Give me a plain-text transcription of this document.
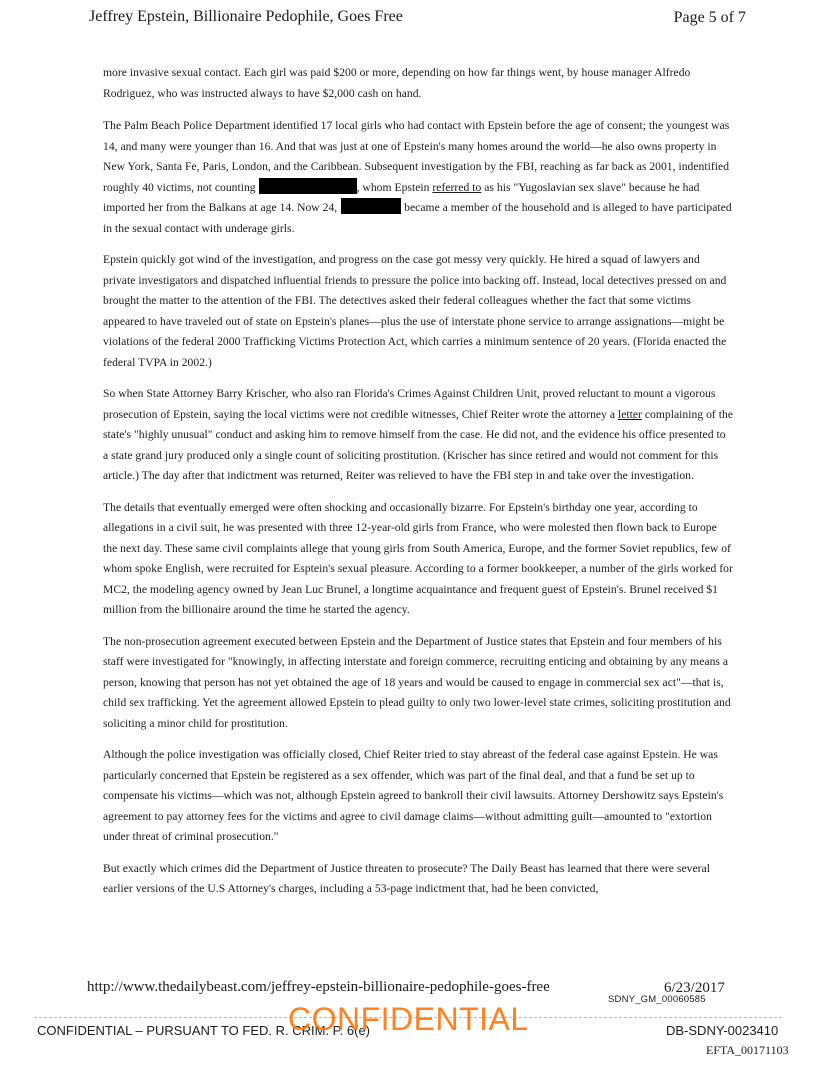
Jeffrey Epstein, Billionaire Pedophile, Goes Free	Page 5 of 7

more invasive sexual contact. Each girl was paid $200 or more, depending on how far things went, by house manager Alfredo Rodriguez, who was instructed always to have $2,000 cash on hand.

The Palm Beach Police Department identified 17 local girls who had contact with Epstein before the age of consent; the youngest was 14, and many were younger than 16. And that was just at one of Epstein's many homes around the world—he also owns property in New York, Santa Fe, Paris, London, and the Caribbean. Subsequent investigation by the FBI, reaching as far back as 2001, indentified roughly 40 victims, not counting	, whom Epstein referred to as his "Yugoslavian sex slave" because he had imported her from the Balkans at age 14. Now 24,	became a member of the household and is alleged to have participated in the sexual contact with underage girls.

Epstein quickly got wind of the investigation, and progress on the case got messy very quickly. He hired a squad of lawyers and private investigators and dispatched influential friends to pressure the police into backing off. Instead, local detectives pressed on and brought the matter to the attention of the FBI. The detectives asked their federal colleagues whether the fact that some victims appeared to have traveled out of state on Epstein's planes—plus the use of interstate phone service to arrange assignations—might be violations of the federal 2000 Trafficking Victims Protection Act, which carries a minimum sentence of 20 years. (Florida enacted the federal TVPA in 2002.)

So when State Attorney Barry Krischer, who also ran Florida's Crimes Against Children Unit, proved reluctant to mount a vigorous prosecution of Epstein, saying the local victims were not credible witnesses, Chief Reiter wrote the attorney a letter complaining of the state's "highly unusual" conduct and asking him to remove himself from the case. He did not, and the evidence his office presented to a state grand jury produced only a single count of soliciting prostitution. (Krischer has since retired and would not comment for this article.) The day after that indictment was returned, Reiter was relieved to have the FBI step in and take over the investigation.

The details that eventually emerged were often shocking and occasionally bizarre. For Epstein's birthday one year, according to allegations in a civil suit, he was presented with three 12-year-old girls from France, who were molested then flown back to Europe the next day. These same civil complaints allege that young girls from South America, Europe, and the former Soviet republics, few of whom spoke English, were recruited for Esptein's sexual pleasure. According to a former bookkeeper, a number of the girls worked for MC2, the modeling agency owned by Jean Luc Brunel, a longtime acquaintance and frequent guest of Epstein's. Brunel received $1 million from the billionaire around the time he started the agency.

The non-prosecution agreement executed between Epstein and the Department of Justice states that Epstein and four members of his staff were investigated for "knowingly, in affecting interstate and foreign commerce, recruiting enticing and obtaining by any means a person, knowing that person has not yet obtained the age of 18 years and would be caused to engage in commercial sex act"—that is, child sex trafficking. Yet the agreement allowed Epstein to plead guilty to only two lower-level state crimes, soliciting prostitution and soliciting a minor child for prostitution.

Although the police investigation was officially closed, Chief Reiter tried to stay abreast of the federal case against Epstein. He was particularly concerned that Epstein be registered as a sex offender, which was part of the final deal, and that a fund be set up to compensate his victims—which was not, although Epstein agreed to bankroll their civil lawsuits. Attorney Dershowitz says Epstein's agreement to pay attorney fees for the victims and agree to civil damage claims—without admitting guilt—amounted to "extortion under threat of criminal prosecution."

But exactly which crimes did the Department of Justice threaten to prosecute? The Daily Beast has learned that there were several earlier versions of the U.S Attorney's charges, including a 53-page indictment that, had he been convicted,

http://www.thedailybeast.com/jeffrey-epstein-billionaire-pedophile-goes-free	6/23/2017
SDNY_GM_00060585
CONFIDENTIAL – PURSUANT TO FED. R. CRIM. P. 6(e)
CONFIDENTIAL	DB-SDNY-0023410
EFTA_00171103
